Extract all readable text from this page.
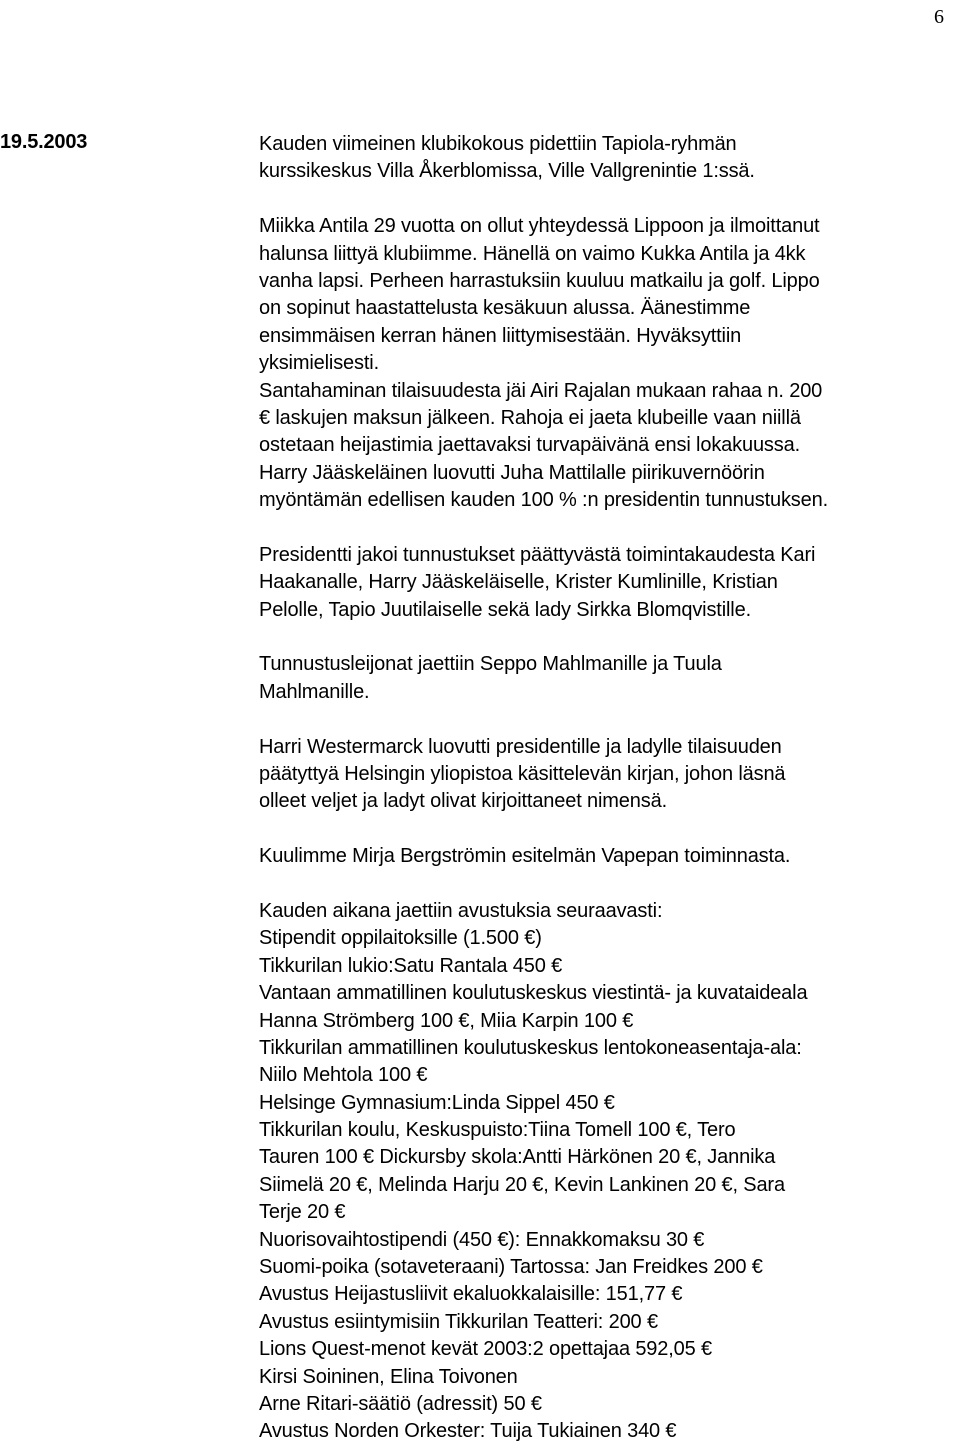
6
19.5.2003	Kauden viimeinen klubikokous pidettiin Tapiola-ryhmän
kurssikeskus Villa Åkerblomissa, Ville Vallgrenintie 1:ssä.
Miikka Antila 29 vuotta on ollut yhteydessä Lippoon ja ilmoittanut
halunsa liittyä klubiimme. Hänellä on vaimo Kukka Antila ja 4kk
vanha lapsi. Perheen harrastuksiin kuuluu matkailu ja golf. Lippo
on sopinut haastattelusta kesäkuun alussa. Äänestimme
ensimmäisen kerran hänen liittymisestään. Hyväksyttiin
yksimielisesti.
Santahaminan tilaisuudesta jäi Airi Rajalan mukaan rahaa n. 200
€ laskujen maksun jälkeen. Rahoja ei jaeta klubeille vaan niillä
ostetaan heijastimia jaettavaksi turvapäivänä ensi lokakuussa.
Harry Jääskeläinen luovutti Juha Mattilalle piirikuvernöörin
myöntämän edellisen kauden 100 % :n presidentin tunnustuksen.
Presidentti jakoi tunnustukset päättyvästä toimintakaudesta Kari
Haakanalle, Harry Jääskeläiselle, Krister Kumlinille, Kristian
Pelolle, Tapio Juutilaiselle sekä lady Sirkka Blomqvistille.
Tunnustusleijonat jaettiin Seppo Mahlmanille ja Tuula
Mahlmanille.
Harri Westermarck luovutti presidentille ja ladylle tilaisuuden
päätyttyä Helsingin yliopistoa käsittelevän kirjan, johon läsnä
olleet veljet ja ladyt olivat kirjoittaneet nimensä.
Kuulimme Mirja Bergströmin esitelmän Vapepan toiminnasta.
Kauden aikana jaettiin avustuksia seuraavasti:
Stipendit oppilaitoksille (1.500 €)
Tikkurilan lukio:Satu Rantala 450 €
Vantaan ammatillinen koulutuskeskus viestintä- ja kuvataideala
Hanna Strömberg 100 €, Miia Karpin 100 €
Tikkurilan ammatillinen koulutuskeskus lentokoneasentaja-ala:
Niilo Mehtola 100 €
Helsinge Gymnasium:Linda Sippel 450 €
Tikkurilan koulu, Keskuspuisto:Tiina Tomell 100 €, Tero
Tauren 100 € Dickursby skola:Antti Härkönen 20 €, Jannika
Siimelä 20 €, Melinda Harju 20 €, Kevin Lankinen 20 €, Sara
Terje 20 €
Nuorisovaihtostipendi (450 €): Ennakkomaksu 30 €
Suomi-poika (sotaveteraani) Tartossa: Jan Freidkes 200 €
Avustus Heijastusliivit ekaluokkalaisille: 151,77 €
Avustus esiintymisiin Tikkurilan Teatteri: 200 €
Lions Quest-menot kevät 2003:2 opettajaa 592,05 €
Kirsi Soininen, Elina Toivonen
Arne Ritari-säätiö (adressit) 50 €
Avustus Norden Orkester: Tuija Tukiainen 340 €
